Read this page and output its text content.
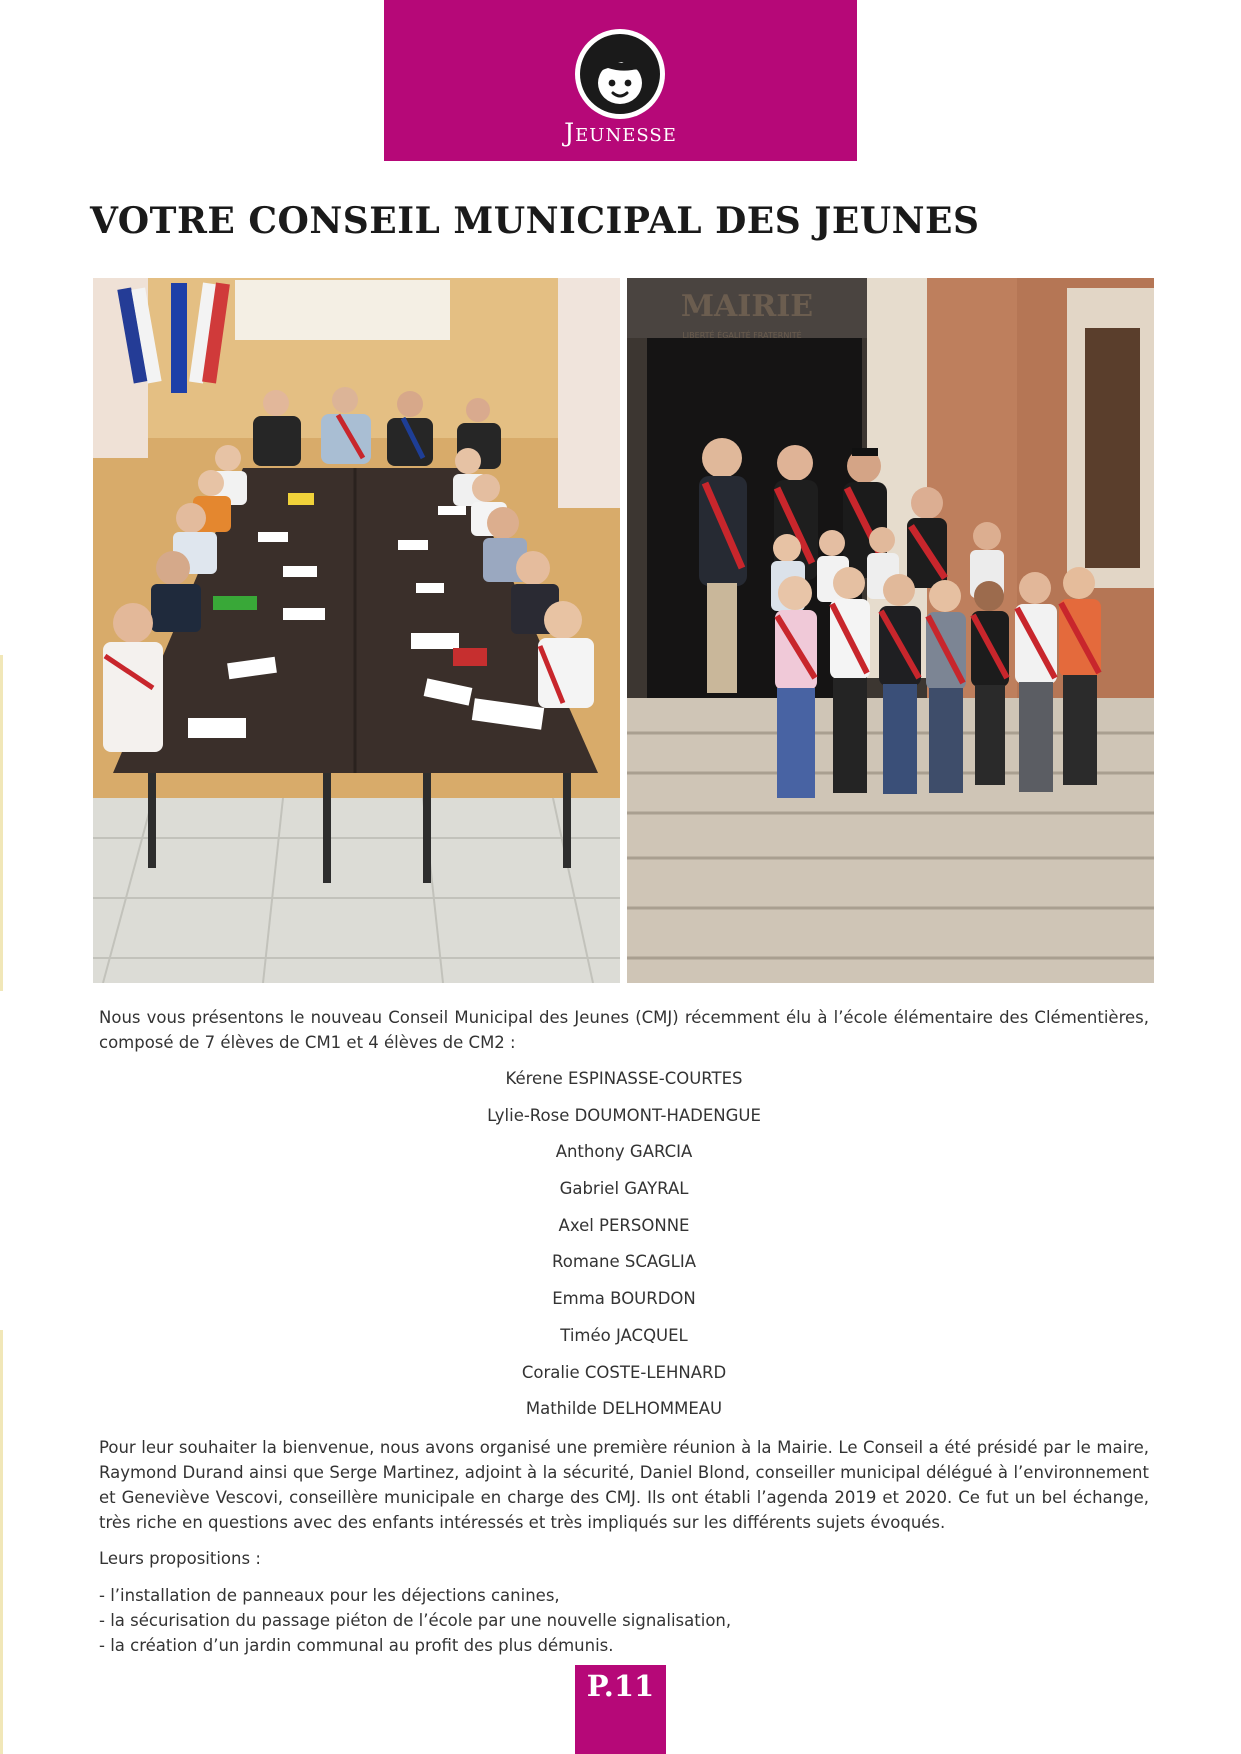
Jeunesse
VOTRE CONSEIL MUNICIPAL DES JEUNES
MAIRIE
LIBERTÉ ÉGALITÉ FRATERNITÉ

Nous vous présentons le nouveau Conseil Municipal des Jeunes (CMJ) récemment élu à l’école élémentaire des Clémentières, composé de 7 élèves de CM1 et 4 élèves de CM2 :

Kérene ESPINASSE-COURTES
Lylie-Rose DOUMONT-HADENGUE
Anthony GARCIA
Gabriel GAYRAL
Axel PERSONNE
Romane SCAGLIA
Emma BOURDON
Timéo JACQUEL
Coralie COSTE-LEHNARD
Mathilde DELHOMMEAU

Pour leur souhaiter la bienvenue, nous avons organisé une première réunion à la Mairie. Le Conseil a été présidé par le maire, Raymond Durand ainsi que Serge Martinez, adjoint à la sécurité, Daniel Blond, conseiller municipal délégué à l’environnement et Geneviève Vescovi, conseillère municipale en charge des CMJ. Ils ont établi l’agenda 2019 et 2020. Ce fut un bel échange, très riche en questions avec des enfants intéressés et très impliqués sur les différents sujets évoqués.

Leurs propositions :

- l’installation de panneaux pour les déjections canines,
- la sécurisation du passage piéton de l’école par une nouvelle signalisation,
- la création d’un jardin communal au profit des plus démunis.
P.11
